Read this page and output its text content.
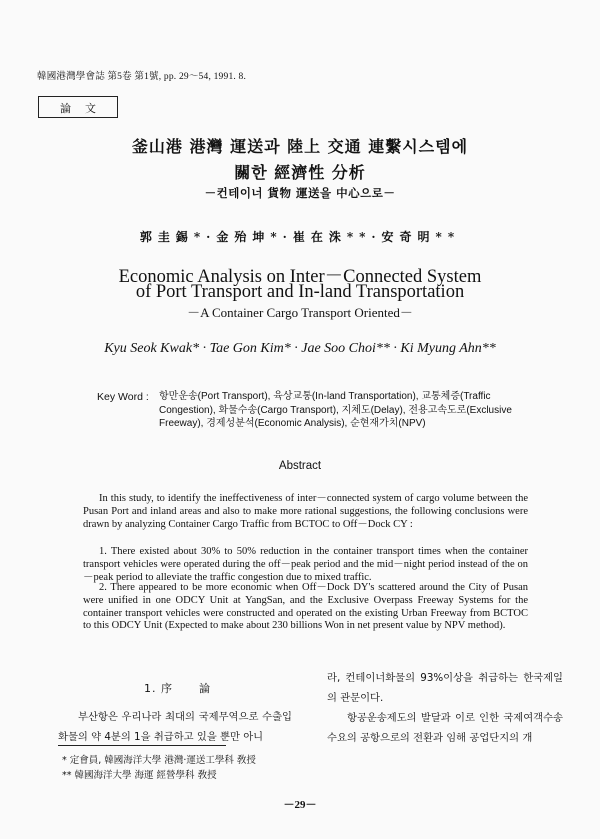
韓國港灣學會誌 第5卷 第1號, pp. 29～54, 1991. 8.
論文
釜山港 港灣 運送과 陸上 交通 連繫시스템에
關한 經濟性 分析
－컨테이너 貨物 運送을 中心으로－
郭圭錫*·金殆坤*·崔在洙**·安奇明**
Economic Analysis on Inter－Connected System
of Port Transport and In-land Transportation
－A Container Cargo Transport Oriented－
Kyu Seok Kwak* · Tae Gon Kim* · Jae Soo Choi** · Ki Myung Ahn**
Key Word : 항만운송(Port Transport), 육상교통(In-land Transportation), 교통체증(Traffic Congestion), 화물수송(Cargo Transport), 지체도(Delay), 전용고속도로(Exclusive Freeway), 경제성분석(Economic Analysis), 순현재가치(NPV)
Abstract
In this study, to identify the ineffectiveness of inter－connected system of cargo volume between the Pusan Port and inland areas and also to make more rational suggestions, the following conclusions were drawn by analyzing Container Cargo Traffic from BCTOC to Off－Dock CY :
1. There existed about 30% to 50% reduction in the container transport times when the container transport vehicles were operated during the off－peak period and the mid－night period instead of the on－peak period to alleviate the traffic congestion due to mixed traffic.
2. There appeared to be more economic when Off－Dock DY's scattered around the City of Pusan were unified in one ODCY Unit at YangSan, and the Exclusive Overpass Freeway Systems for the container transport vehicles were constructed and operated on the existing Urban Freeway from BCTOC to this ODCY Unit (Expected to make about 230 billions Won in net present value by NPV method).
1. 序 論
부산항은 우리나라 최대의 국제무역으로 수출입화물의 약 4분의 1을 취급하고 있을 뿐만 아니
라, 컨테이너화물의 93%이상을 취급하는 한국제일의 관문이다.
항공운송제도의 발달과 이로 인한 국제여객수송수요의 공항으로의 전환과 임해 공업단지의 개
* 定會員, 韓國海洋大學 港灣·運送工學科 敎授
** 韓國海洋大學 海運 經營學科 敎授
－29－
